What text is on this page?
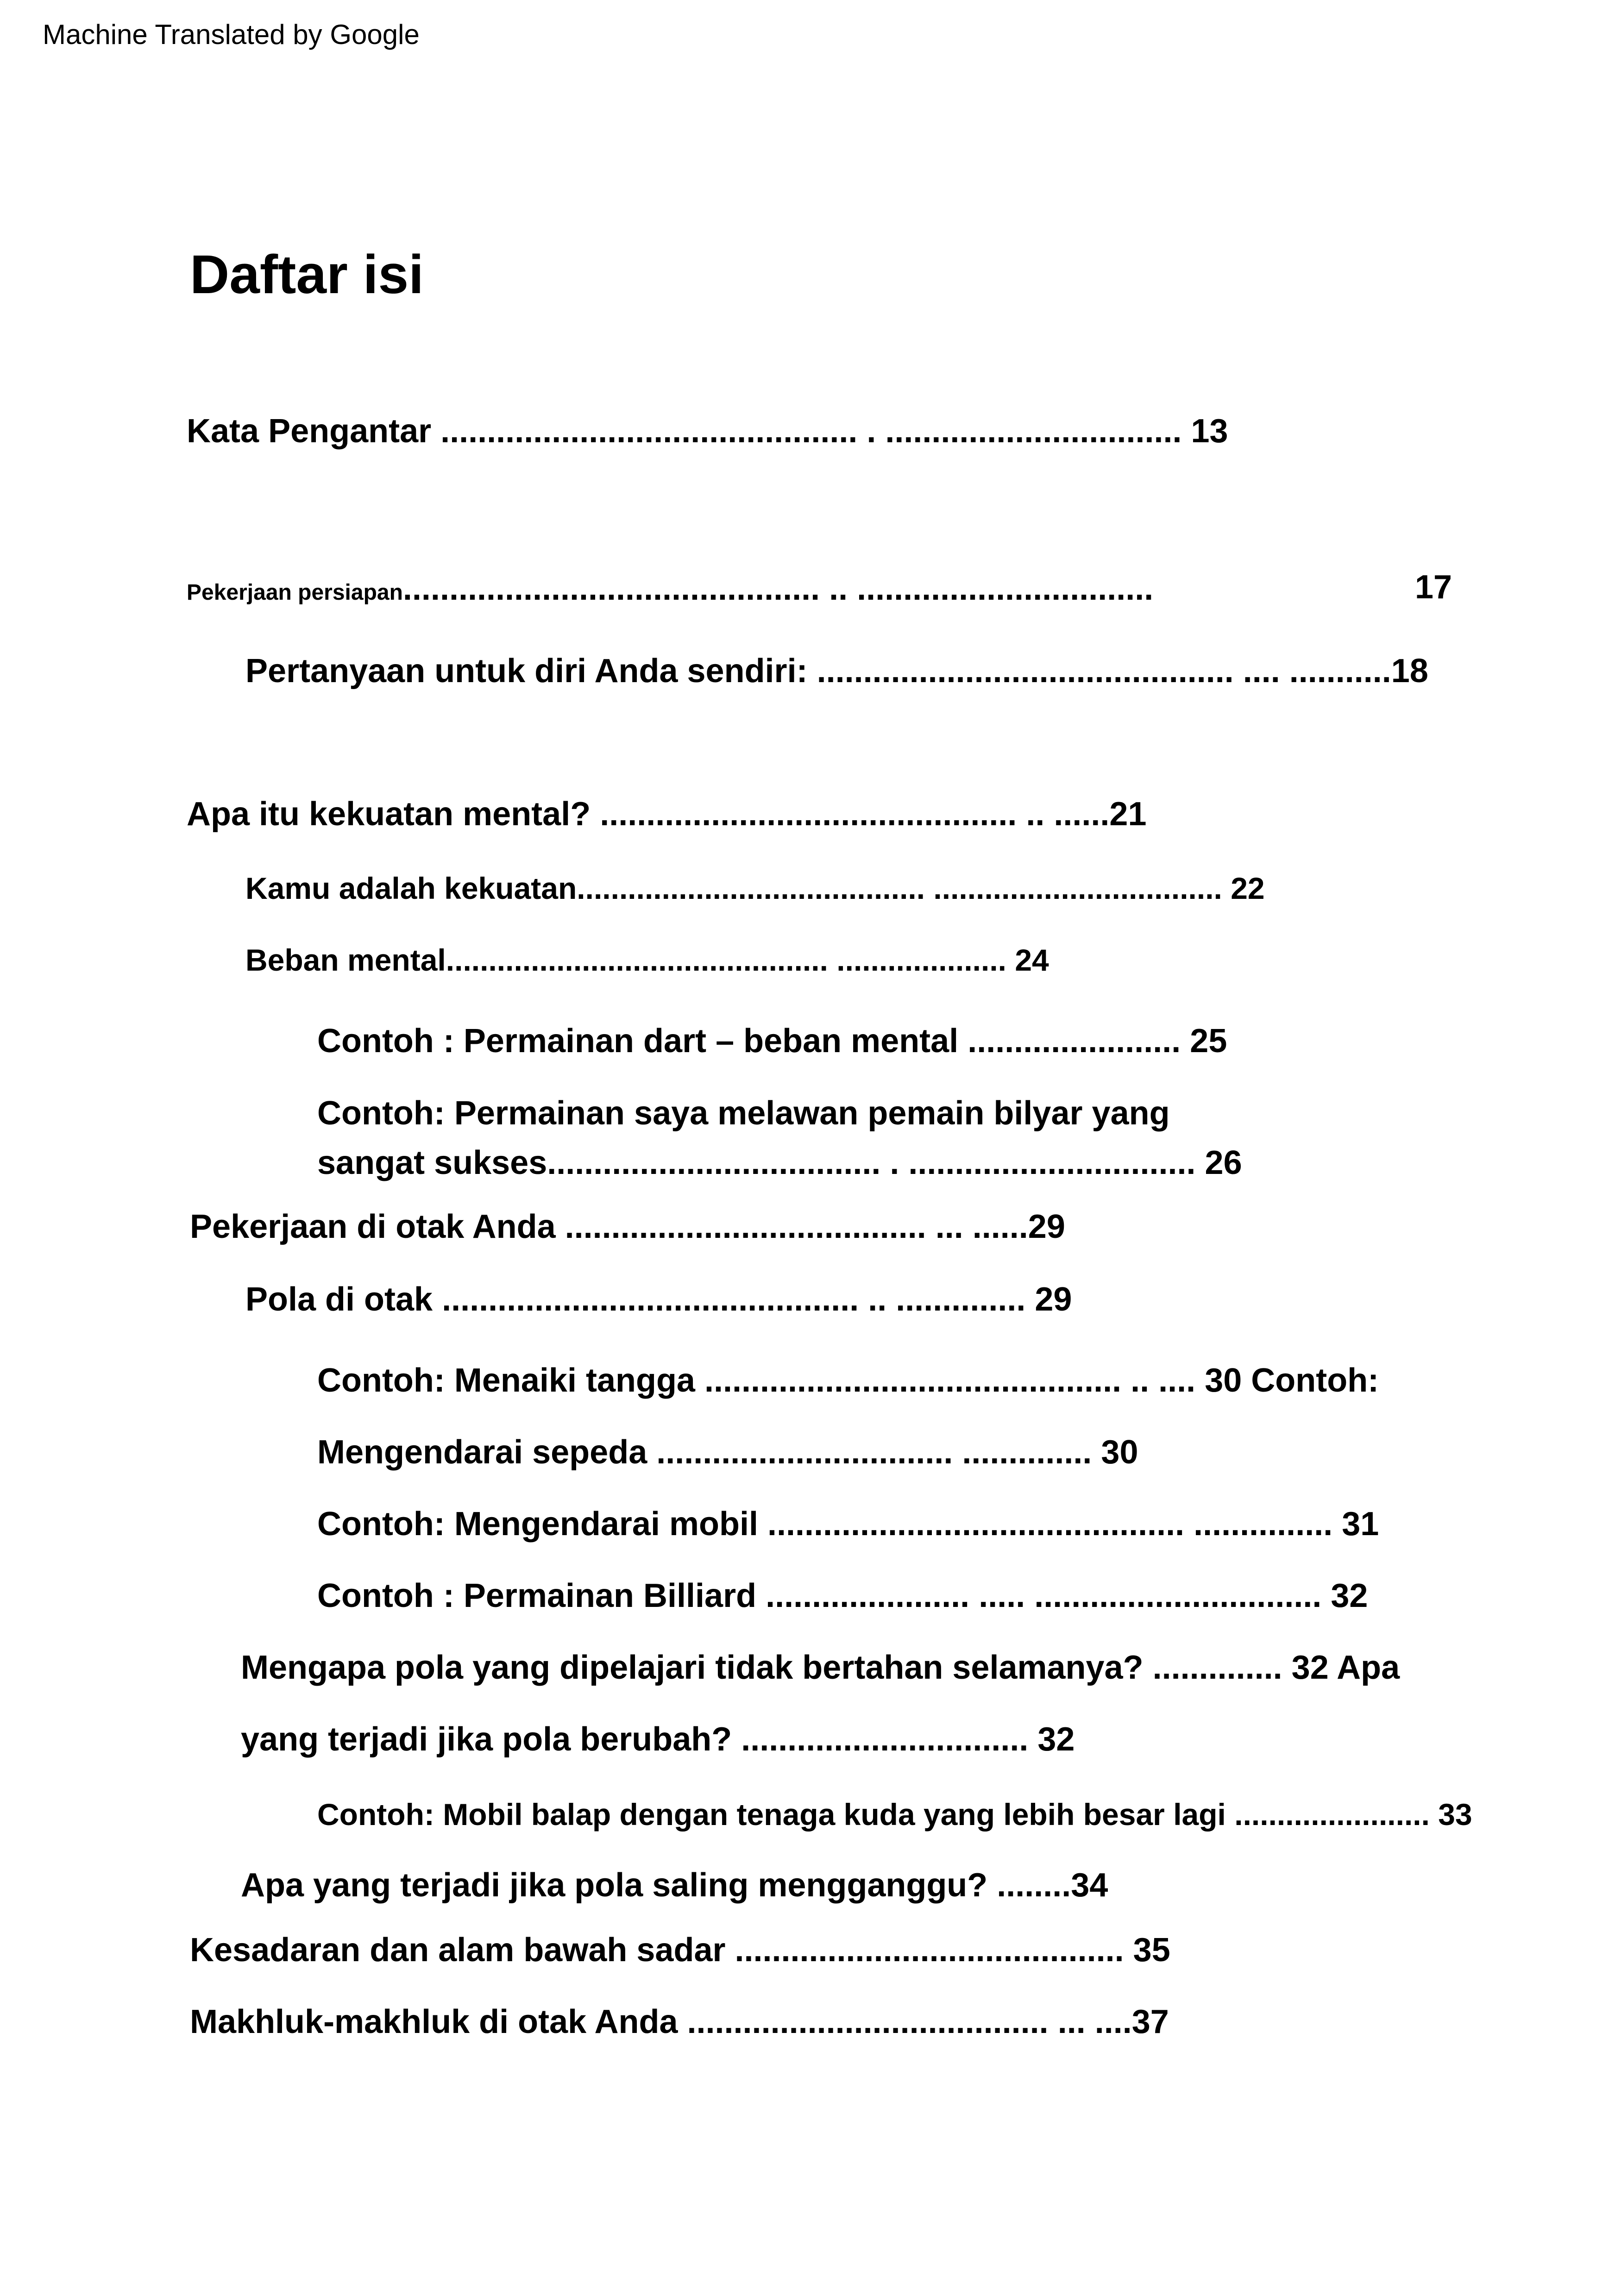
Machine Translated by Google
Daftar isi
Kata Pengantar ............................................. . ................................ 13
Pekerjaan persiapan............................................. .. ................................	17
Pertanyaan untuk diri Anda sendiri: ............................................. .... ...........18
Apa itu kekuatan mental? ............................................. .. ......21
Kamu adalah kekuatan......................................... .................................. 22
Beban mental............................................. .................... 24
Contoh : Permainan dart – beban mental ....................... 25
Contoh: Permainan saya melawan pemain bilyar yang
sangat sukses.................................... . ............................... 26
Pekerjaan di otak Anda ....................................... ... ......29
Pola di otak ............................................. .. .............. 29
Contoh: Menaiki tangga ............................................. .. .... 30 Contoh:
Mengendarai sepeda ................................ .............. 30
Contoh: Mengendarai mobil ............................................. ............... 31
Contoh : Permainan Billiard ...................... ..... ............................... 32
Mengapa pola yang dipelajari tidak bertahan selamanya? .............. 32 Apa
yang terjadi jika pola berubah? ............................... 32
Contoh: Mobil balap dengan tenaga kuda yang lebih besar lagi ....................... 33
Apa yang terjadi jika pola saling mengganggu? ........34
Kesadaran dan alam bawah sadar .......................................... 35
Makhluk-makhluk di otak Anda ....................................... ... ....37
